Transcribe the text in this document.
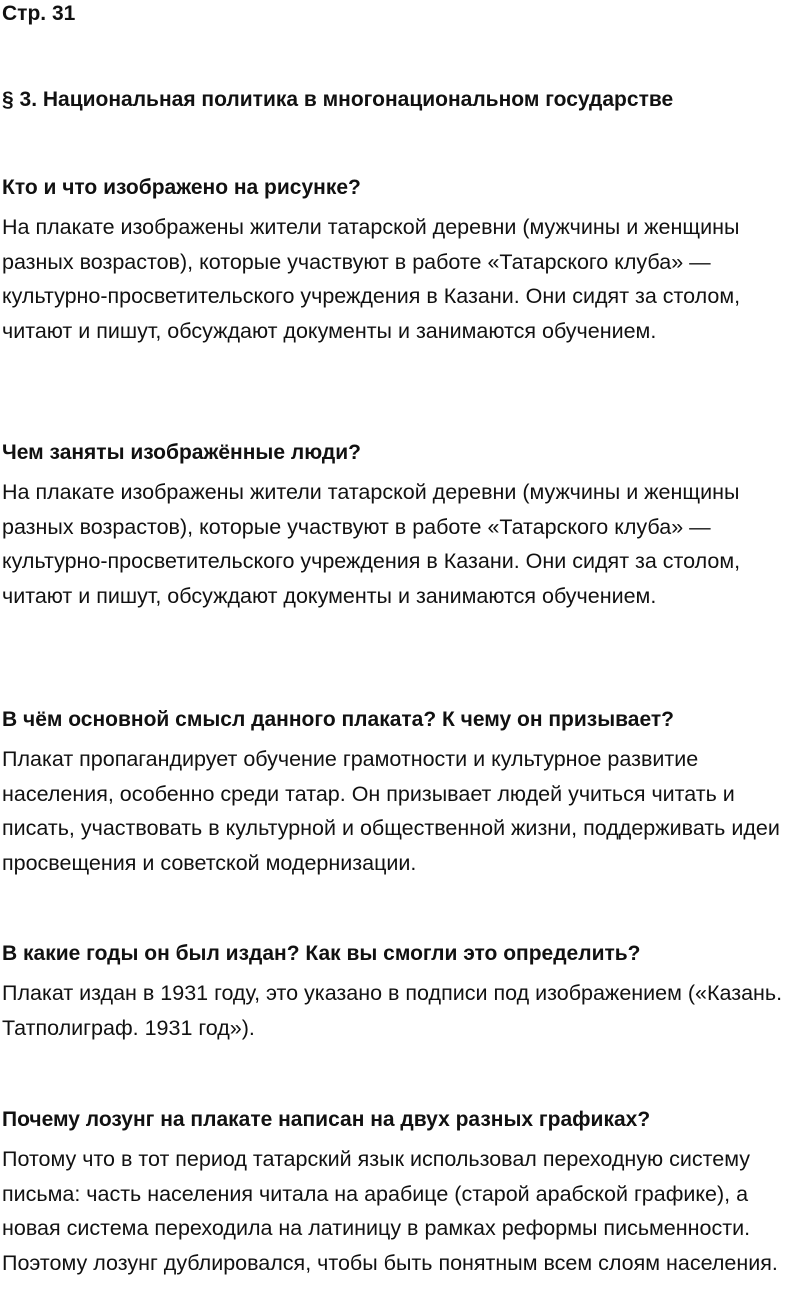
Стр. 31
§ 3. Национальная политика в многонациональном государстве
Кто и что изображено на рисунке?

На плакате изображены жители татарской деревни (мужчины и женщины разных возрастов), которые участвуют в работе «Татарского клуба» — культурно-просветительского учреждения в Казани. Они сидят за столом, читают и пишут, обсуждают документы и занимаются обучением.

Чем заняты изображённые люди?

На плакате изображены жители татарской деревни (мужчины и женщины разных возрастов), которые участвуют в работе «Татарского клуба» — культурно-просветительского учреждения в Казани. Они сидят за столом, читают и пишут, обсуждают документы и занимаются обучением.

В чём основной смысл данного плаката? К чему он призывает?

Плакат пропагандирует обучение грамотности и культурное развитие населения, особенно среди татар. Он призывает людей учиться читать и писать, участвовать в культурной и общественной жизни, поддерживать идеи просвещения и советской модернизации.

В какие годы он был издан? Как вы смогли это определить?

Плакат издан в 1931 году, это указано в подписи под изображением («Казань. Татполиграф. 1931 год»).

Почему лозунг на плакате написан на двух разных графиках?

Потому что в тот период татарский язык использовал переходную систему письма: часть населения читала на арабице (старой арабской графике), а новая система переходила на латиницу в рамках реформы письменности. Поэтому лозунг дублировался, чтобы быть понятным всем слоям населения.
